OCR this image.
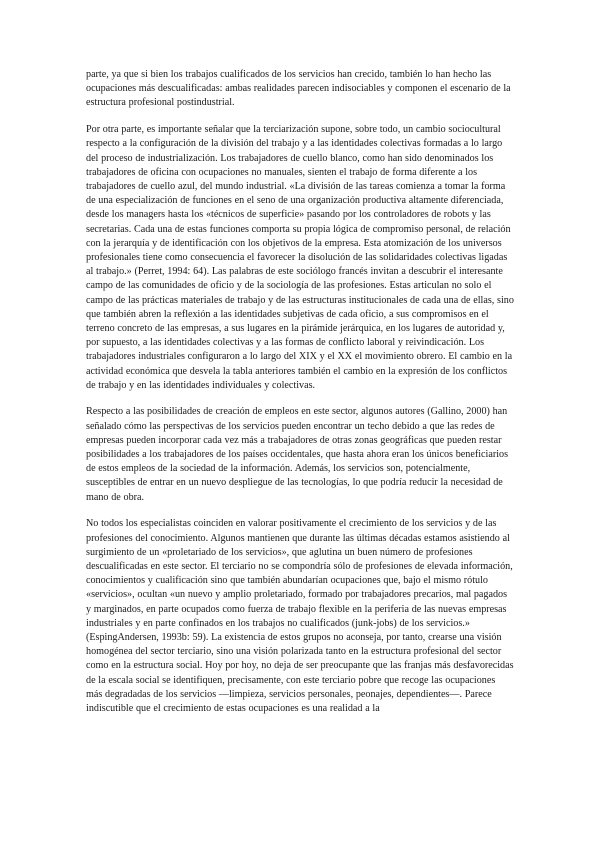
parte, ya que si bien los trabajos cualificados de los servicios han crecido, también lo han hecho las ocupaciones más descualificadas: ambas realidades parecen indisociables y componen el escenario de la estructura profesional postindustrial.

Por otra parte, es importante señalar que la terciarización supone, sobre todo, un cambio sociocultural respecto a la configuración de la división del trabajo y a las identidades colectivas formadas a lo largo del proceso de industrialización. Los trabajadores de cuello blanco, como han sido denominados los trabajadores de oficina con ocupaciones no manuales, sienten el trabajo de forma diferente a los trabajadores de cuello azul, del mundo industrial. «La división de las tareas comienza a tomar la forma de una especialización de funciones en el seno de una organización productiva altamente diferenciada, desde los managers hasta los «técnicos de superficie» pasando por los controladores de robots y las secretarias. Cada una de estas funciones comporta su propia lógica de compromiso personal, de relación con la jerarquía y de identificación con los objetivos de la empresa. Esta atomización de los universos profesionales tiene como consecuencia el favorecer la disolución de las solidaridades colectivas ligadas al trabajo.» (Perret, 1994: 64). Las palabras de este sociólogo francés invitan a descubrir el interesante campo de las comunidades de oficio y de la sociología de las profesiones. Estas articulan no solo el campo de las prácticas materiales de trabajo y de las estructuras institucionales de cada una de ellas, sino que también abren la reflexión a las identidades subjetivas de cada oficio, a sus compromisos en el terreno concreto de las empresas, a sus lugares en la pirámide jerárquica, en los lugares de autoridad y, por supuesto, a las identidades colectivas y a las formas de conflicto laboral y reivindicación. Los trabajadores industriales configuraron a lo largo del XIX y el XX el movimiento obrero. El cambio en la actividad económica que desvela la tabla anteriores también el cambio en la expresión de los conflictos de trabajo y en las identidades individuales y colectivas.

Respecto a las posibilidades de creación de empleos en este sector, algunos autores (Gallino, 2000) han señalado cómo las perspectivas de los servicios pueden encontrar un techo debido a que las redes de empresas pueden incorporar cada vez más a trabajadores de otras zonas geográficas que pueden restar posibilidades a los trabajadores de los países occidentales, que hasta ahora eran los únicos beneficiarios de estos empleos de la sociedad de la información. Además, los servicios son, potencialmente, susceptibles de entrar en un nuevo despliegue de las tecnologías, lo que podría reducir la necesidad de mano de obra.

No todos los especialistas coinciden en valorar positivamente el crecimiento de los servicios y de las profesiones del conocimiento. Algunos mantienen que durante las últimas décadas estamos asistiendo al surgimiento de un «proletariado de los servicios», que aglutina un buen número de profesiones descualificadas en este sector. El terciario no se compondría sólo de profesiones de elevada información, conocimientos y cualificación sino que también abundarían ocupaciones que, bajo el mismo rótulo «servicios», ocultan «un nuevo y amplio proletariado, formado por trabajadores precarios, mal pagados y marginados, en parte ocupados como fuerza de trabajo flexible en la periferia de las nuevas empresas industriales y en parte confinados en los trabajos no cualificados (junk-jobs) de los servicios.» (EspingAndersen, 1993b: 59). La existencia de estos grupos no aconseja, por tanto, crearse una visión homogénea del sector terciario, sino una visión polarizada tanto en la estructura profesional del sector como en la estructura social. Hoy por hoy, no deja de ser preocupante que las franjas más desfavorecidas de la escala social se identifiquen, precisamente, con este terciario pobre que recoge las ocupaciones más degradadas de los servicios —limpieza, servicios personales, peonajes, dependientes—. Parece indiscutible que el crecimiento de estas ocupaciones es una realidad a la
